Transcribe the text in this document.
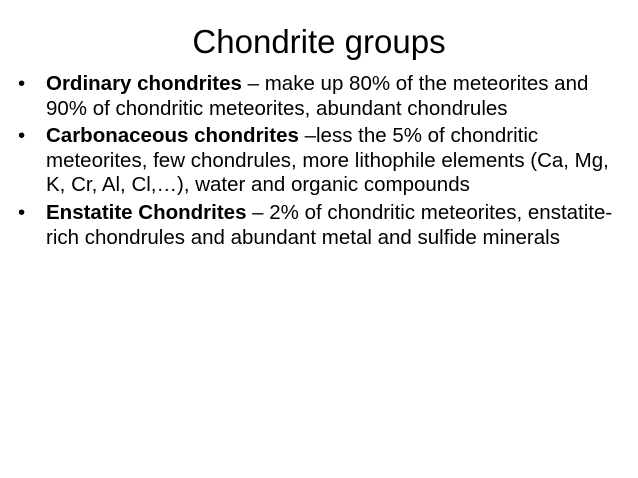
Chondrite groups
•	Ordinary chondrites – make up 80% of the meteorites and 90% of chondritic meteorites, abundant chondrules
•	Carbonaceous chondrites –less the 5% of chondritic meteorites, few chondrules, more lithophile elements (Ca, Mg, K, Cr, Al, Cl,…), water and organic compounds
•	Enstatite Chondrites – 2% of chondritic meteorites, enstatite-rich chondrules and abundant metal and sulfide minerals
